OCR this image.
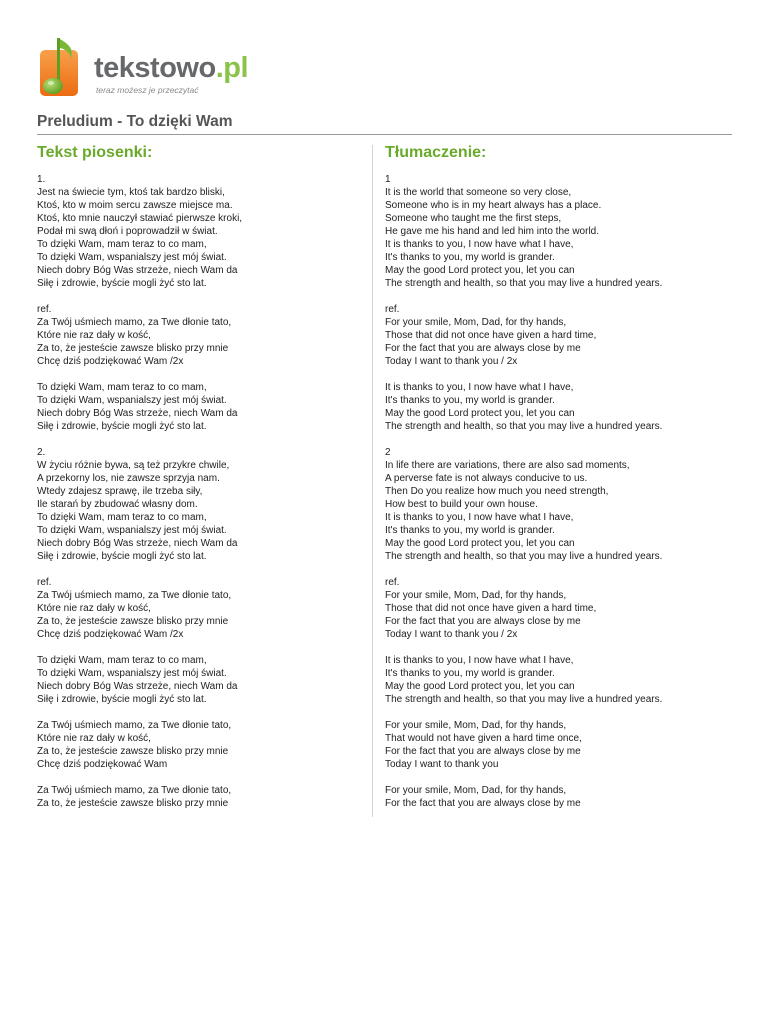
tekstowo.pl
teraz możesz je przeczytać
Preludium - To dzięki Wam
Tekst piosenki:	Tłumaczenie:
1.
Jest na świecie tym, ktoś tak bardzo bliski,
Ktoś, kto w moim sercu zawsze miejsce ma.
Ktoś, kto mnie nauczył stawiać pierwsze kroki,
Podał mi swą dłoń i poprowadził w świat.
To dzięki Wam, mam teraz to co mam,
To dzięki Wam, wspanialszy jest mój świat.
Niech dobry Bóg Was strzeże, niech Wam da
Siłę i zdrowie, byście mogli żyć sto lat.

ref.
Za Twój uśmiech mamo, za Twe dłonie tato,
Które nie raz dały w kość,
Za to, że jesteście zawsze blisko przy mnie
Chcę dziś podziękować Wam /2x

To dzięki Wam, mam teraz to co mam,
To dzięki Wam, wspanialszy jest mój świat.
Niech dobry Bóg Was strzeże, niech Wam da
Siłę i zdrowie, byście mogli żyć sto lat.

2.
W życiu różnie bywa, są też przykre chwile,
A przekorny los, nie zawsze sprzyja nam.
Wtedy zdajesz sprawę, ile trzeba siły,
Ile starań by zbudować własny dom.
To dzięki Wam, mam teraz to co mam,
To dzięki Wam, wspanialszy jest mój świat.
Niech dobry Bóg Was strzeże, niech Wam da
Siłę i zdrowie, byście mogli żyć sto lat.

ref.
Za Twój uśmiech mamo, za Twe dłonie tato,
Które nie raz dały w kość,
Za to, że jesteście zawsze blisko przy mnie
Chcę dziś podziękować Wam /2x

To dzięki Wam, mam teraz to co mam,
To dzięki Wam, wspanialszy jest mój świat.
Niech dobry Bóg Was strzeże, niech Wam da
Siłę i zdrowie, byście mogli żyć sto lat.

Za Twój uśmiech mamo, za Twe dłonie tato,
Które nie raz dały w kość,
Za to, że jesteście zawsze blisko przy mnie
Chcę dziś podziękować Wam

Za Twój uśmiech mamo, za Twe dłonie tato,
Za to, że jesteście zawsze blisko przy mnie
1
It is the world that someone so very close,
Someone who is in my heart always has a place.
Someone who taught me the first steps,
He gave me his hand and led him into the world.
It is thanks to you, I now have what I have,
It's thanks to you, my world is grander.
May the good Lord protect you, let you can
The strength and health, so that you may live a hundred years.

ref.
For your smile, Mom, Dad, for thy hands,
Those that did not once have given a hard time,
For the fact that you are always close by me
Today I want to thank you / 2x

It is thanks to you, I now have what I have,
It's thanks to you, my world is grander.
May the good Lord protect you, let you can
The strength and health, so that you may live a hundred years.

2
In life there are variations, there are also sad moments,
A perverse fate is not always conducive to us.
Then Do you realize how much you need strength,
How best to build your own house.
It is thanks to you, I now have what I have,
It's thanks to you, my world is grander.
May the good Lord protect you, let you can
The strength and health, so that you may live a hundred years.

ref.
For your smile, Mom, Dad, for thy hands,
Those that did not once have given a hard time,
For the fact that you are always close by me
Today I want to thank you / 2x

It is thanks to you, I now have what I have,
It's thanks to you, my world is grander.
May the good Lord protect you, let you can
The strength and health, so that you may live a hundred years.

For your smile, Mom, Dad, for thy hands,
That would not have given a hard time once,
For the fact that you are always close by me
Today I want to thank you

For your smile, Mom, Dad, for thy hands,
For the fact that you are always close by me
